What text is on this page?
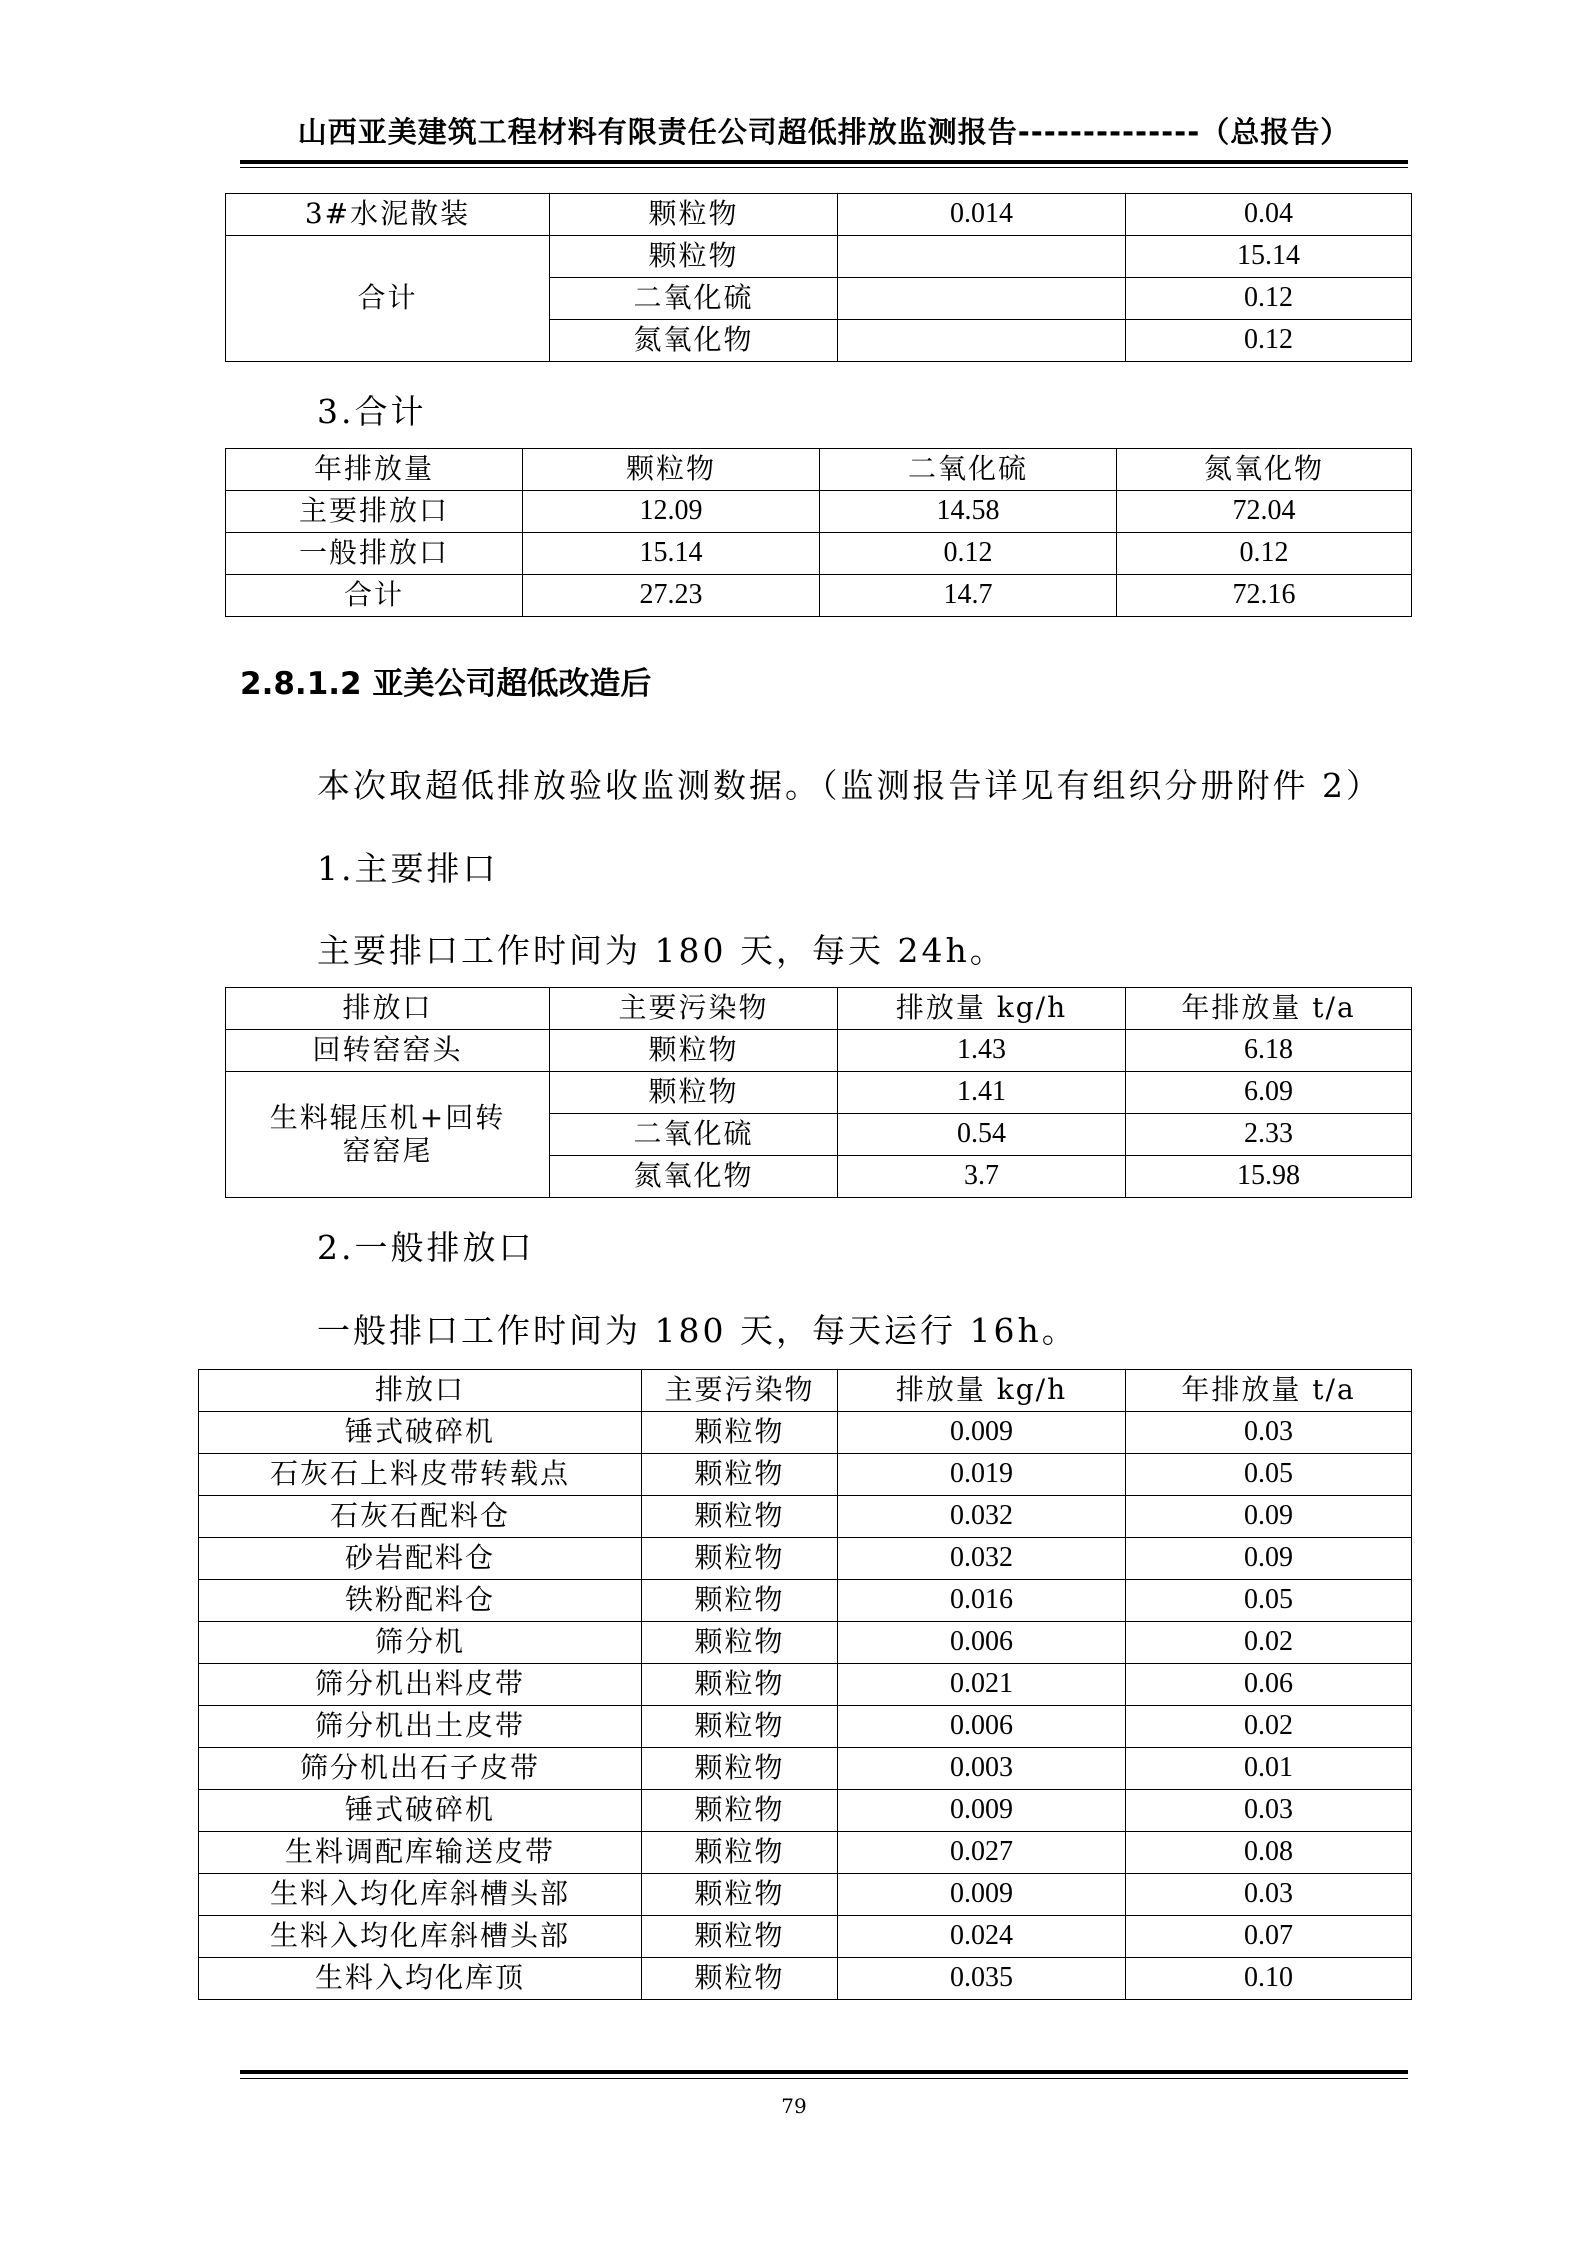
山西亚美建筑工程材料有限责任公司超低排放监测报告--------------（总报告）
3#水泥散装	颗粒物	0.014	0.04
合计	颗粒物		15.14
	二氧化硫		0.12
	氮氧化物		0.12
3.合计
年排放量	颗粒物	二氧化硫	氮氧化物
主要排放口	12.09	14.58	72.04
一般排放口	15.14	0.12	0.12
合计	27.23	14.7	72.16
2.8.1.2 亚美公司超低改造后
本次取超低排放验收监测数据。（监测报告详见有组织分册附件 2）
1.主要排口
主要排口工作时间为 180 天，每天 24h。
排放口	主要污染物	排放量 kg/h	年排放量 t/a
回转窑窑头	颗粒物	1.43	6.18
生料辊压机+回转窑窑尾	颗粒物	1.41	6.09
	二氧化硫	0.54	2.33
	氮氧化物	3.7	15.98
2.一般排放口
一般排口工作时间为 180 天，每天运行 16h。
排放口	主要污染物	排放量 kg/h	年排放量 t/a
锤式破碎机	颗粒物	0.009	0.03
石灰石上料皮带转载点	颗粒物	0.019	0.05
石灰石配料仓	颗粒物	0.032	0.09
砂岩配料仓	颗粒物	0.032	0.09
铁粉配料仓	颗粒物	0.016	0.05
筛分机	颗粒物	0.006	0.02
筛分机出料皮带	颗粒物	0.021	0.06
筛分机出土皮带	颗粒物	0.006	0.02
筛分机出石子皮带	颗粒物	0.003	0.01
锤式破碎机	颗粒物	0.009	0.03
生料调配库输送皮带	颗粒物	0.027	0.08
生料入均化库斜槽头部	颗粒物	0.009	0.03
生料入均化库斜槽头部	颗粒物	0.024	0.07
生料入均化库顶	颗粒物	0.035	0.10
79
